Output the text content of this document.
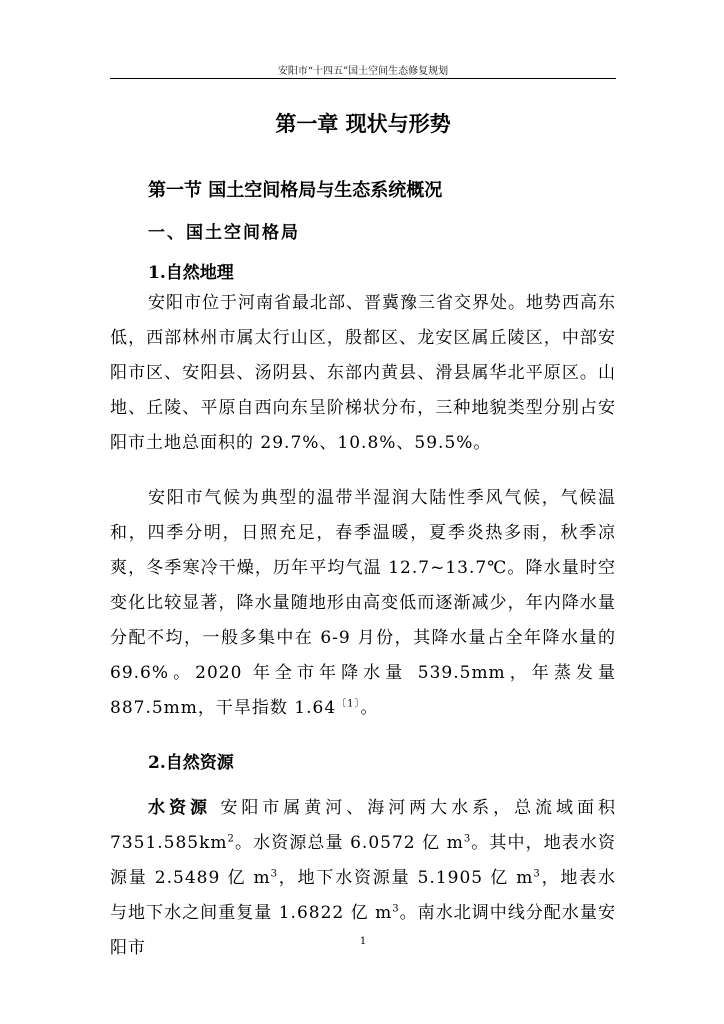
安阳市“十四五”国土空间生态修复规划
第一章 现状与形势
第一节 国土空间格局与生态系统概况
一、国土空间格局
1.自然地理

安阳市位于河南省最北部、晋冀豫三省交界处。地势西高东低，西部林州市属太行山区，殷都区、龙安区属丘陵区，中部安阳市区、安阳县、汤阴县、东部内黄县、滑县属华北平原区。山地、丘陵、平原自西向东呈阶梯状分布，三种地貌类型分别占安阳市土地总面积的 29.7%、10.8%、59.5%。

安阳市气候为典型的温带半湿润大陆性季风气候，气候温和，四季分明，日照充足，春季温暖，夏季炎热多雨，秋季凉爽，冬季寒冷干燥，历年平均气温 12.7~13.7℃。降水量时空变化比较显著，降水量随地形由高变低而逐渐减少，年内降水量分配不均，一般多集中在 6-9 月份，其降水量占全年降水量的 69.6%。2020 年全市年降水量 539.5mm，年蒸发量 887.5mm，干旱指数 $1.64^{〔1〕}$。

2.自然资源

水资源 安阳市属黄河、海河两大水系，总流域面积 $7351.585km^2$。水资源总量 6.0572 亿 $m^3$。其中，地表水资源量 2.5489 亿 $m^3$，地下水资源量 5.1905 亿 $m^3$，地表水与地下水之间重复量 1.6822 亿 $m^3$。南水北调中线分配水量安阳市	1
